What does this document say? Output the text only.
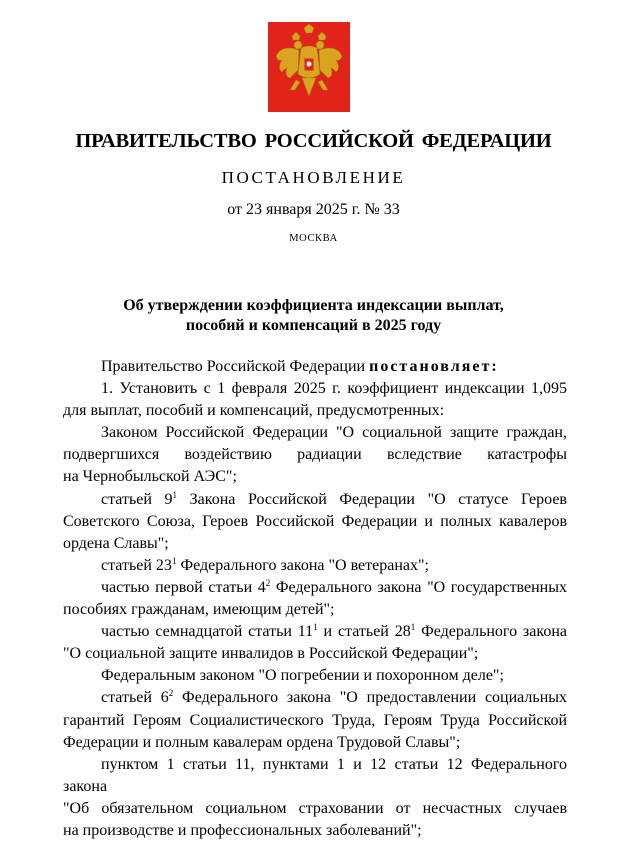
ПРАВИТЕЛЬСТВО РОССИЙСКОЙ ФЕДЕРАЦИИ
ПОСТАНОВЛЕНИЕ
от 23 января 2025 г. № 33
МОСКВА
Об утверждении коэффициента индексации выплат,
пособий и компенсаций в 2025 году

Правительство Российской Федерации постановляет:

1. Установить с 1 февраля 2025 г. коэффициент индексации 1,095

для выплат, пособий и компенсаций, предусмотренных:

Законом Российской Федерации "О социальной защите граждан,

подвергшихся воздействию радиации вследствие катастрофы

на Чернобыльской АЭС";

статьей $9^1$ Закона Российской Федерации "О статусе Героев

Советского Союза, Героев Российской Федерации и полных кавалеров

ордена Славы";

статьей $23^1$ Федерального закона "О ветеранах";

частью первой статьи $4^2$ Федерального закона "О государственных

пособиях гражданам, имеющим детей";

частью семнадцатой статьи $11^1$ и статьей $28^1$ Федерального закона

"О социальной защите инвалидов в Российской Федерации";

Федеральным законом "О погребении и похоронном деле";

статьей $6^2$ Федерального закона "О предоставлении социальных

гарантий Героям Социалистического Труда, Героям Труда Российской

Федерации и полным кавалерам ордена Трудовой Славы";

пунктом 1 статьи 11, пунктами 1 и 12 статьи 12 Федерального закона

"Об обязательном социальном страховании от несчастных случаев

на производстве и профессиональных заболеваний";
